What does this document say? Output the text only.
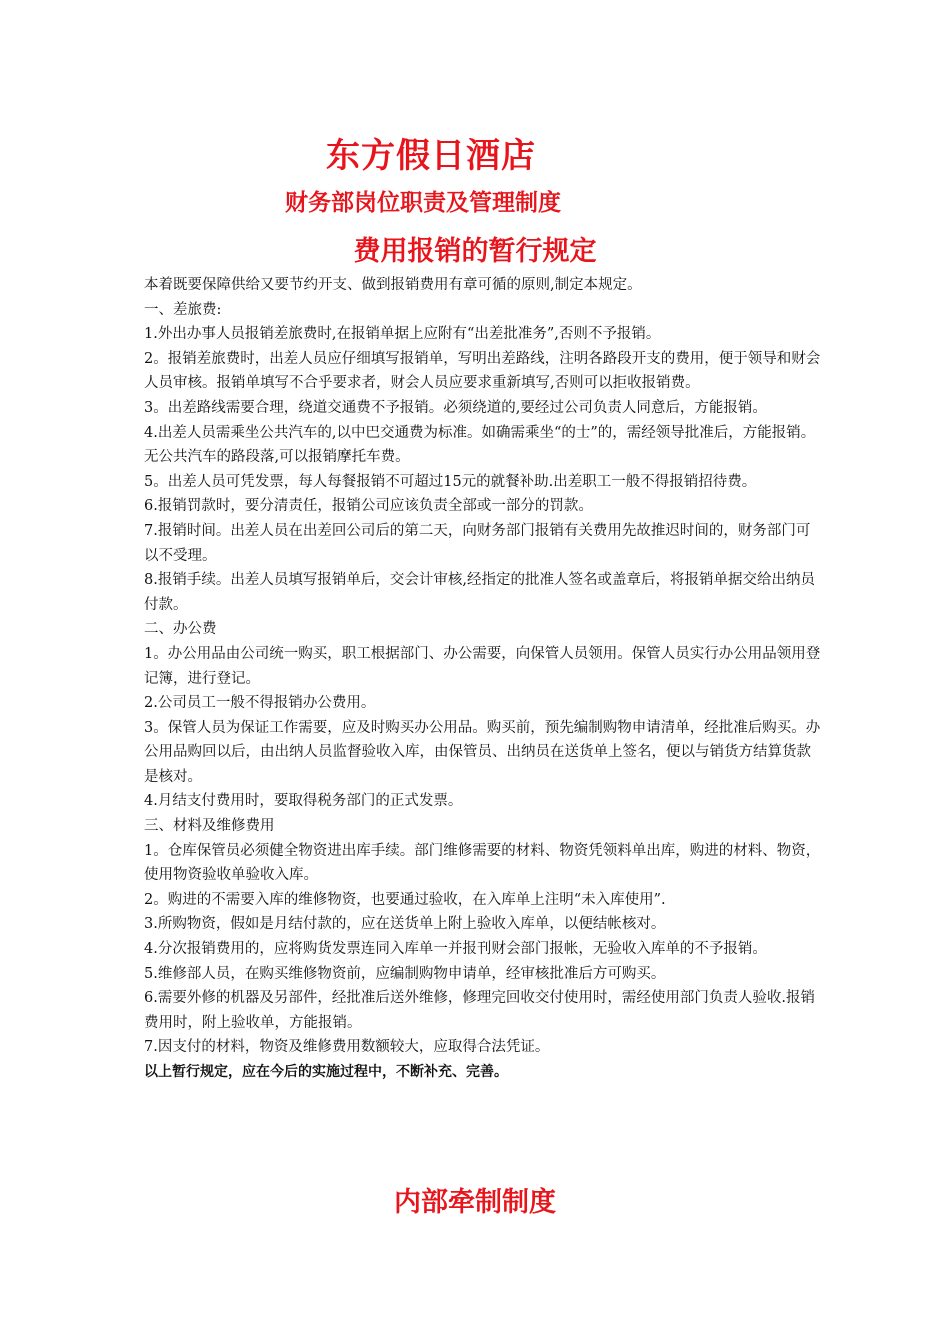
东方假日酒店
财务部岗位职责及管理制度
费用报销的暂行规定

本着既要保障供给又要节约开支、做到报销费用有章可循的原则,制定本规定。

一、差旅费:

1.外出办事人员报销差旅费时,在报销单据上应附有“出差批准务”,否则不予报销。

2。报销差旅费时，出差人员应仔细填写报销单，写明出差路线，注明各路段开支的费用，便于领导和财会人员审核。报销单填写不合乎要求者，财会人员应要求重新填写,否则可以拒收报销费。

3。出差路线需要合理，绕道交通费不予报销。必须绕道的,要经过公司负责人同意后，方能报销。

4.出差人员需乘坐公共汽车的,以中巴交通费为标准。如确需乘坐“的士”的，需经领导批准后，方能报销。无公共汽车的路段落,可以报销摩托车费。

5。出差人员可凭发票，每人每餐报销不可超过15元的就餐补助.出差职工一般不得报销招待费。

6.报销罚款时，要分清责任，报销公司应该负责全部或一部分的罚款。

7.报销时间。出差人员在出差回公司后的第二天，向财务部门报销有关费用先故推迟时间的，财务部门可以不受理。

8.报销手续。出差人员填写报销单后，交会计审核,经指定的批准人签名或盖章后，将报销单据交给出纳员付款。

二、办公费

1。办公用品由公司统一购买，职工根据部门、办公需要，向保管人员领用。保管人员实行办公用品领用登记簿，进行登记。

2.公司员工一般不得报销办公费用。

3。保管人员为保证工作需要，应及时购买办公用品。购买前，预先编制购物申请清单，经批准后购买。办公用品购回以后，由出纳人员监督验收入库，由保管员、出纳员在送货单上签名，便以与销货方结算货款是核对。

4.月结支付费用时，要取得税务部门的正式发票。

三、材料及维修费用

1。仓库保管员必须健全物资进出库手续。部门维修需要的材料、物资凭领料单出库，购进的材料、物资，使用物资验收单验收入库。

2。购进的不需要入库的维修物资，也要通过验收，在入库单上注明“未入库使用”.

3.所购物资，假如是月结付款的，应在送货单上附上验收入库单，以便结帐核对。

4.分次报销费用的，应将购货发票连同入库单一并报刊财会部门报帐，无验收入库单的不予报销。

5.维修部人员，在购买维修物资前，应编制购物申请单，经审核批准后方可购买。

6.需要外修的机器及另部件，经批准后送外维修，修理完回收交付使用时，需经使用部门负责人验收.报销费用时，附上验收单，方能报销。

7.因支付的材料，物资及维修费用数额较大，应取得合法凭证。

以上暂行规定，应在今后的实施过程中，不断补充、完善。

内部牵制制度
